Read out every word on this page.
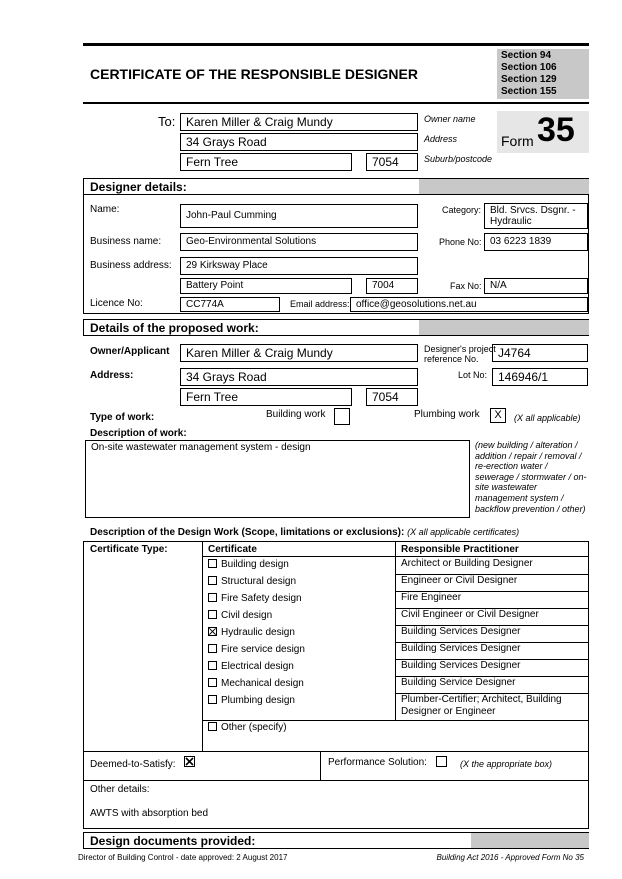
CERTIFICATE OF THE RESPONSIBLE DESIGNER
Section 94
Section 106
Section 129
Section 155
To: Karen Miller & Craig Mundy
34 Grays Road
Fern Tree	7054
Owner name
Address
Suburb/postcode
Form 35
Designer details:
Name:
John-Paul Cumming	Category: Bld. Srvcs. Dsgnr. - Hydraulic
Business name:	Geo-Environmental Solutions	Phone No: 03 6223 1839
Business address:	29 Kirksway Place
Battery Point	7004	Fax No: N/A
Licence No:	CC774A	Email address: office@geosolutions.net.au
Details of the proposed work:
Owner/Applicant	Karen Miller & Craig Mundy	Designer's project
reference No.	J4764
Address:	34 Grays Road	Lot No: 146946/1
Fern Tree	7054
Type of work:	Building work	Plumbing work	X	(X all applicable)
Description of work:
On-site wastewater management system - design	(new building / alteration / addition / repair / removal / re-erection water / sewerage / stormwater / on-site wastewater management system / backflow prevention / other)
Description of the Design Work (Scope, limitations or exclusions): (X all applicable certificates)
Certificate Type:	Certificate	Responsible Practitioner
Building design	Architect or Building Designer
Structural design	Engineer or Civil Designer
Fire Safety design	Fire Engineer
Civil design	Civil Engineer or Civil Designer
Hydraulic design	Building Services Designer
Fire service design	Building Services Designer
Electrical design	Building Services Designer
Mechanical design	Building Service Designer
Plumbing design	Plumber-Certifier; Architect, Building Designer or Engineer
Other (specify)
Deemed-to-Satisfy:	Performance Solution:	(X the appropriate box)
Other details:
AWTS with absorption bed
Design documents provided:
Director of Building Control - date approved: 2 August 2017	Building Act 2016 - Approved Form No 35
